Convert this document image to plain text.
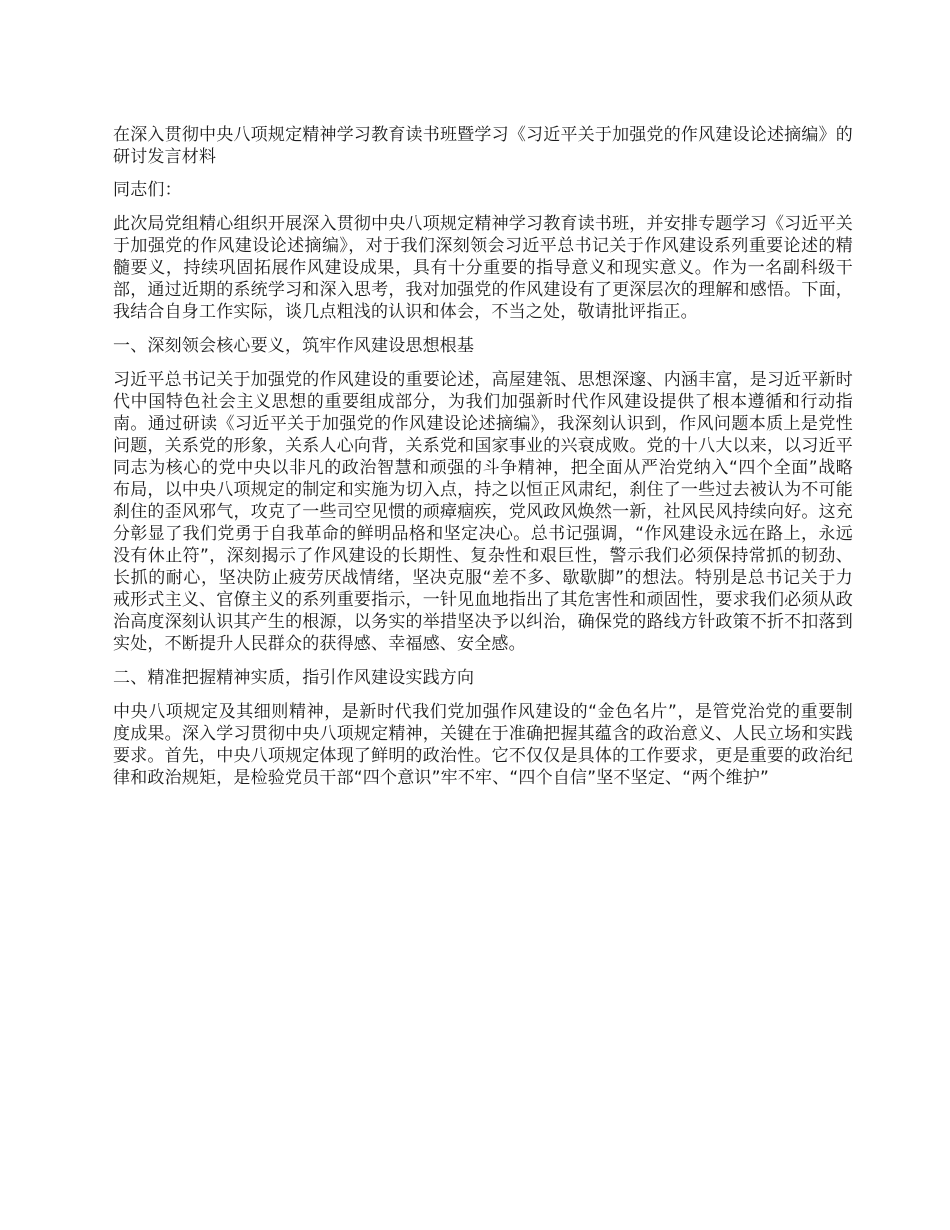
在深入贯彻中央八项规定精神学习教育读书班暨学习《习近平关于加强党的作风建设论述摘编》的研讨发言材料

同志们：

此次局党组精心组织开展深入贯彻中央八项规定精神学习教育读书班，并安排专题学习《习近平关于加强党的作风建设论述摘编》，对于我们深刻领会习近平总书记关于作风建设系列重要论述的精髓要义，持续巩固拓展作风建设成果，具有十分重要的指导意义和现实意义。作为一名副科级干部，通过近期的系统学习和深入思考，我对加强党的作风建设有了更深层次的理解和感悟。下面，我结合自身工作实际，谈几点粗浅的认识和体会，不当之处，敬请批评指正。

一、深刻领会核心要义，筑牢作风建设思想根基

习近平总书记关于加强党的作风建设的重要论述，高屋建瓴、思想深邃、内涵丰富，是习近平新时代中国特色社会主义思想的重要组成部分，为我们加强新时代作风建设提供了根本遵循和行动指南。通过研读《习近平关于加强党的作风建设论述摘编》，我深刻认识到，作风问题本质上是党性问题，关系党的形象，关系人心向背，关系党和国家事业的兴衰成败。党的十八大以来，以习近平同志为核心的党中央以非凡的政治智慧和顽强的斗争精神，把全面从严治党纳入“四个全面”战略布局，以中央八项规定的制定和实施为切入点，持之以恒正风肃纪，刹住了一些过去被认为不可能刹住的歪风邪气，攻克了一些司空见惯的顽瘴痼疾，党风政风焕然一新，社风民风持续向好。这充分彰显了我们党勇于自我革命的鲜明品格和坚定决心。总书记强调，“作风建设永远在路上，永远没有休止符”，深刻揭示了作风建设的长期性、复杂性和艰巨性，警示我们必须保持常抓的韧劲、长抓的耐心，坚决防止疲劳厌战情绪，坚决克服“差不多、歇歇脚”的想法。特别是总书记关于力戒形式主义、官僚主义的系列重要指示，一针见血地指出了其危害性和顽固性，要求我们必须从政治高度深刻认识其产生的根源，以务实的举措坚决予以纠治，确保党的路线方针政策不折不扣落到实处，不断提升人民群众的获得感、幸福感、安全感。

二、精准把握精神实质，指引作风建设实践方向

中央八项规定及其细则精神，是新时代我们党加强作风建设的“金色名片”，是管党治党的重要制度成果。深入学习贯彻中央八项规定精神，关键在于准确把握其蕴含的政治意义、人民立场和实践要求。首先，中央八项规定体现了鲜明的政治性。它不仅仅是具体的工作要求，更是重要的政治纪律和政治规矩，是检验党员干部“四个意识”牢不牢、“四个自信”坚不坚定、“两个维护”
